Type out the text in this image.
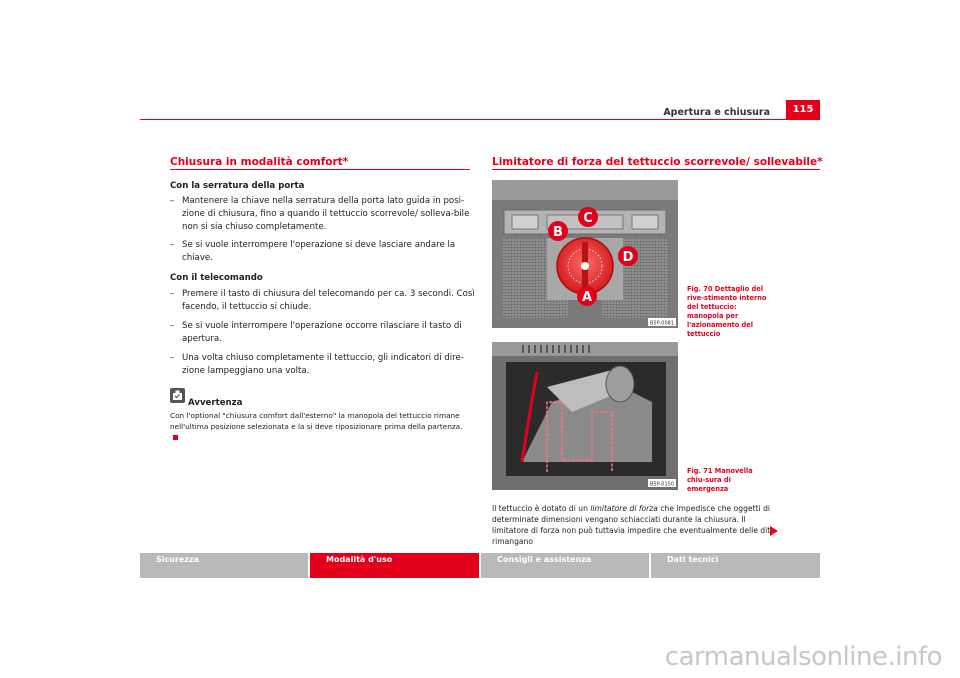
Apertura e chiusura	115
Chiusura in modalità comfort*
Con la serratura della porta
– Mantenere la chiave nella serratura della porta lato guida in posi-zione di chiusura, fino a quando il tettuccio scorrevole/ solleva-bile non si sia chiuso completamente.
– Se si vuole interrompere l'operazione si deve lasciare andare la chiave.
Con il telecomando
– Premere il tasto di chiusura del telecomando per ca. 3 secondi. Così facendo, il tettuccio si chiude.
– Se si vuole interrompere l'operazione occorre rilasciare il tasto di apertura.
– Una volta chiuso completamente il tettuccio, gli indicatori di dire-zione lampeggiano una volta.
Avvertenza
Con l'optional "chiusura comfort dall'esterno" la manopola del tettuccio rimane nell'ultima posizione selezionata e la si deve riposizionare prima della partenza.
Limitatore di forza del tettuccio scorrevole/ sollevabile*
B
C
D
A
B5P-0081
Fig. 70 Dettaglio del rive-stimento interno del tettuccio: manopola per l'azionamento del tettuccio
B5P-0150
Fig. 71 Manovella chiu-sura di emergenza
Il tettuccio è dotato di un limitatore di forza che impedisce che oggetti di determinate dimensioni vengano schiacciati durante la chiusura. Il limitatore di forza non può tuttavia impedire che eventualmente delle dita rimangano
Sicurezza	Modalità d'uso	Consigli e assistenza	Dati tecnici
carmanualsonline.info
